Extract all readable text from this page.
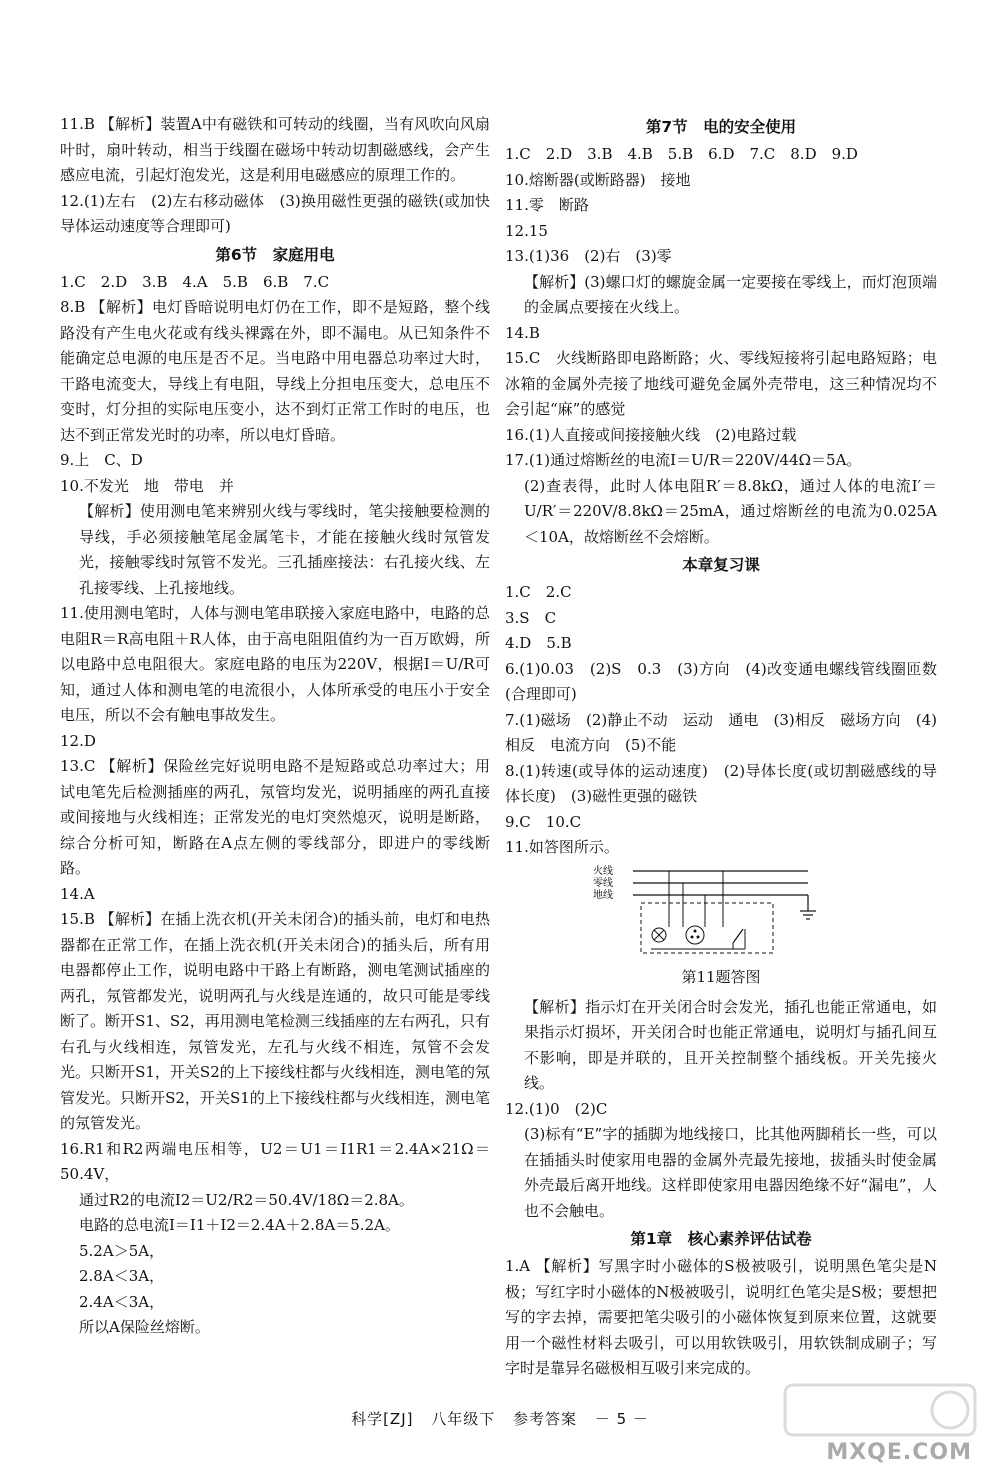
11.B 【解析】装置A中有磁铁和可转动的线圈，当有风吹向风扇叶时，扇叶转动，相当于线圈在磁场中转动切割磁感线，会产生感应电流，引起灯泡发光，这是利用电磁感应的原理工作的。

12.(1)左右　(2)左右移动磁体　(3)换用磁性更强的磁铁(或加快导体运动速度等合理即可)

第6节　家庭用电

1.C　2.D　3.B　4.A　5.B　6.B　7.C

8.B 【解析】电灯昏暗说明电灯仍在工作，即不是短路，整个线路没有产生电火花或有线头裸露在外，即不漏电。从已知条件不能确定总电源的电压是否不足。当电路中用电器总功率过大时，干路电流变大，导线上有电阻，导线上分担电压变大，总电压不变时，灯分担的实际电压变小，达不到灯正常工作时的电压，也达不到正常发光时的功率，所以电灯昏暗。

9.上　C、D

10.不发光　地　带电　并

【解析】使用测电笔来辨别火线与零线时，笔尖接触要检测的导线，手必须接触笔尾金属笔卡，才能在接触火线时氖管发光，接触零线时氖管不发光。三孔插座接法：右孔接火线、左孔接零线、上孔接地线。

11.使用测电笔时，人体与测电笔串联接入家庭电路中，电路的总电阻R＝R高电阻＋R人体，由于高电阻阻值约为一百万欧姆，所以电路中总电阻很大。家庭电路的电压为220V，根据I＝U/R可知，通过人体和测电笔的电流很小，人体所承受的电压小于安全电压，所以不会有触电事故发生。

12.D

13.C 【解析】保险丝完好说明电路不是短路或总功率过大；用试电笔先后检测插座的两孔，氖管均发光，说明插座的两孔直接或间接地与火线相连；正常发光的电灯突然熄灭，说明是断路，综合分析可知，断路在A点左侧的零线部分，即进户的零线断路。

14.A

15.B 【解析】在插上洗衣机(开关未闭合)的插头前，电灯和电热器都在正常工作，在插上洗衣机(开关未闭合)的插头后，所有用电器都停止工作，说明电路中干路上有断路，测电笔测试插座的两孔，氖管都发光，说明两孔与火线是连通的，故只可能是零线断了。断开S1、S2，再用测电笔检测三线插座的左右两孔，只有右孔与火线相连，氖管发光，左孔与火线不相连，氖管不会发光。只断开S1，开关S2的上下接线柱都与火线相连，测电笔的氖管发光。只断开S2，开关S1的上下接线柱都与火线相连，测电笔的氖管发光。

16.R1和R2两端电压相等，U2＝U1＝I1R1＝2.4A×21Ω＝50.4V，

通过R2的电流I2＝U2/R2＝50.4V/18Ω＝2.8A。

电路的总电流I＝I1＋I2＝2.4A＋2.8A＝5.2A。

5.2A＞5A，

2.8A＜3A，

2.4A＜3A，

所以A保险丝熔断。

第7节　电的安全使用

1.C　2.D　3.B　4.B　5.B　6.D　7.C　8.D　9.D

10.熔断器(或断路器)　接地

11.零　断路

12.15

13.(1)36　(2)右　(3)零

【解析】(3)螺口灯的螺旋金属一定要接在零线上，而灯泡顶端的金属点要接在火线上。

14.B

15.C　火线断路即电路断路；火、零线短接将引起电路短路；电冰箱的金属外壳接了地线可避免金属外壳带电，这三种情况均不会引起“麻”的感觉

16.(1)人直接或间接接触火线　(2)电路过载

17.(1)通过熔断丝的电流I＝U/R＝220V/44Ω＝5A。

(2)查表得，此时人体电阻R′＝8.8kΩ，通过人体的电流I′＝U/R′＝220V/8.8kΩ＝25mA，通过熔断丝的电流为0.025A＜10A，故熔断丝不会熔断。

本章复习课

1.C　2.C

3.S　C

4.D　5.B

6.(1)0.03　(2)S　0.3　(3)方向　(4)改变通电螺线管线圈匝数(合理即可)

7.(1)磁场　(2)静止不动　运动　通电　(3)相反　磁场方向　(4)相反　电流方向　(5)不能

8.(1)转速(或导体的运动速度)　(2)导体长度(或切割磁感线的导体长度)　(3)磁性更强的磁铁

9.C　10.C

11.如答图所示。

火线
零线
地线
第11题答图

【解析】指示灯在开关闭合时会发光，插孔也能正常通电，如果指示灯损坏，开关闭合时也能正常通电，说明灯与插孔间互不影响，即是并联的，且开关控制整个插线板。开关先接火线。

12.(1)0　(2)C

(3)标有“E”字的插脚为地线接口，比其他两脚稍长一些，可以在插插头时使家用电器的金属外壳最先接地，拔插头时使金属外壳最后离开地线。这样即使家用电器因绝缘不好“漏电”，人也不会触电。

第1章　核心素养评估试卷

1.A 【解析】写黑字时小磁体的S极被吸引，说明黑色笔尖是N极；写红字时小磁体的N极被吸引，说明红色笔尖是S极；要想把写的字去掉，需要把笔尖吸引的小磁体恢复到原来位置，这就要用一个磁性材料去吸引，可以用软铁吸引，用软铁制成刷子；写字时是靠异名磁极相互吸引来完成的。

科学[ZJ] 八年级下 参考答案 － 5 －
MXQE.COM
